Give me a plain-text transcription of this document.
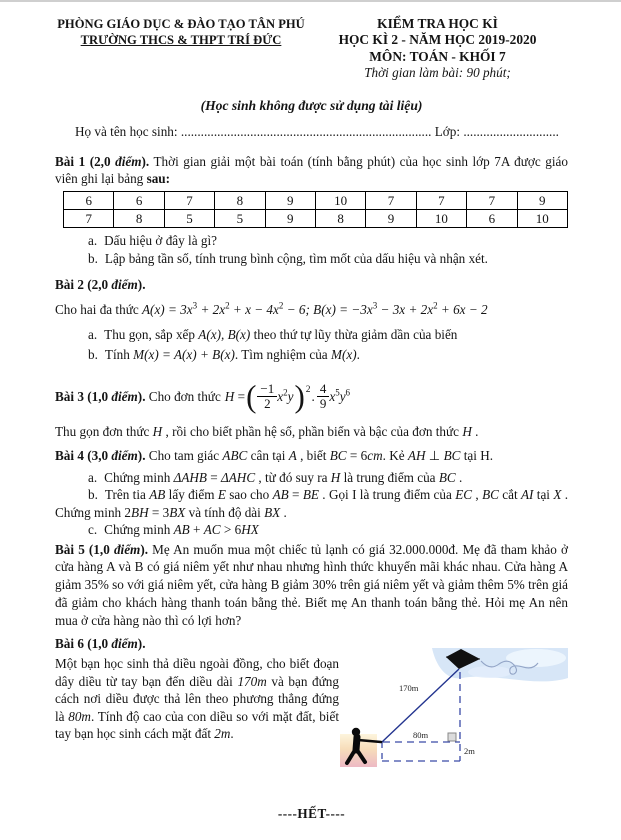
PHÒNG GIÁO DỤC & ĐÀO TẠO TÂN PHÚ
TRƯỜNG THCS & THPT TRÍ ĐỨC
KIỂM TRA HỌC KÌ
HỌC KÌ 2 - NĂM HỌC 2019-2020
MÔN: TOÁN - KHỐI 7
Thời gian làm bài: 90 phút;
(Học sinh không được sử dụng tài liệu)
Họ và tên học sinh: ............................................................................ Lớp: .............................
Bài 1 (2,0 điểm). Thời gian giải một bài toán (tính bằng phút) của học sinh lớp 7A được giáo viên ghi lại bảng sau:
6	6	7	8	9	10	7	7	7	9
7	8	5	5	9	8	9	10	6	10
a. Dấu hiệu ở đây là gì?
b. Lập bảng tần số, tính trung bình cộng, tìm mốt của dấu hiệu và nhận xét.
Bài 2 (2,0 điểm).
Cho hai đa thức $A(x) = 3x^3 + 2x^2 + x - 4x^2 - 6$; $B(x) = -3x^3 - 3x + 2x^2 + 6x - 2$
a. Thu gọn, sắp xếp A(x), B(x) theo thứ tự lũy thừa giảm dần của biến
b. Tính M(x) = A(x) + B(x). Tìm nghiệm của M(x).
Bài 3 (1,0 điểm). Cho đơn thức H = ( $\frac{-1}{2} x^2y$ ) 2 . $\frac{4}{9} x^5y^6$
Thu gọn đơn thức H , rồi cho biết phần hệ số, phần biến và bậc của đơn thức H .
Bài 4 (3,0 điểm). Cho tam giác ABC cân tại A , biết BC = 6cm. Kẻ AH ⊥ BC tại H.
a. Chứng minh ΔAHB = ΔAHC , từ đó suy ra H là trung điểm của BC .
b. Trên tia AB lấy điểm E sao cho AB = BE . Gọi I là trung điểm của EC , BC cắt AI tại X . Chứng minh 2BH = 3BX và tính độ dài BX .
c. Chứng minh AB + AC > 6HX
Bài 5 (1,0 điểm). Mẹ An muốn mua một chiếc tủ lạnh có giá 32.000.000đ. Mẹ đã tham khảo ở cửa hàng A và B có giá niêm yết như nhau nhưng hình thức khuyến mãi khác nhau. Cửa hàng A giảm 35% so với giá niêm yết, cửa hàng B giảm 30% trên giá niêm yết và giảm thêm 5% trên giá đã giảm cho khách hàng thanh toán bằng thẻ. Biết mẹ An thanh toán bằng thẻ. Hỏi mẹ An nên mua ở cửa hàng nào thì có lợi hơn?
Bài 6 (1,0 điểm).
Một bạn học sinh thả diều ngoài đồng, cho biết đoạn dây diều từ tay bạn đến diều dài 170m và bạn đứng cách nơi diều được thả lên theo phương thẳng đứng là 80m. Tính độ cao của con diều so với mặt đất, biết tay bạn học sinh cách mặt đất 2m.
170m
80m
2m
----HẾT----
